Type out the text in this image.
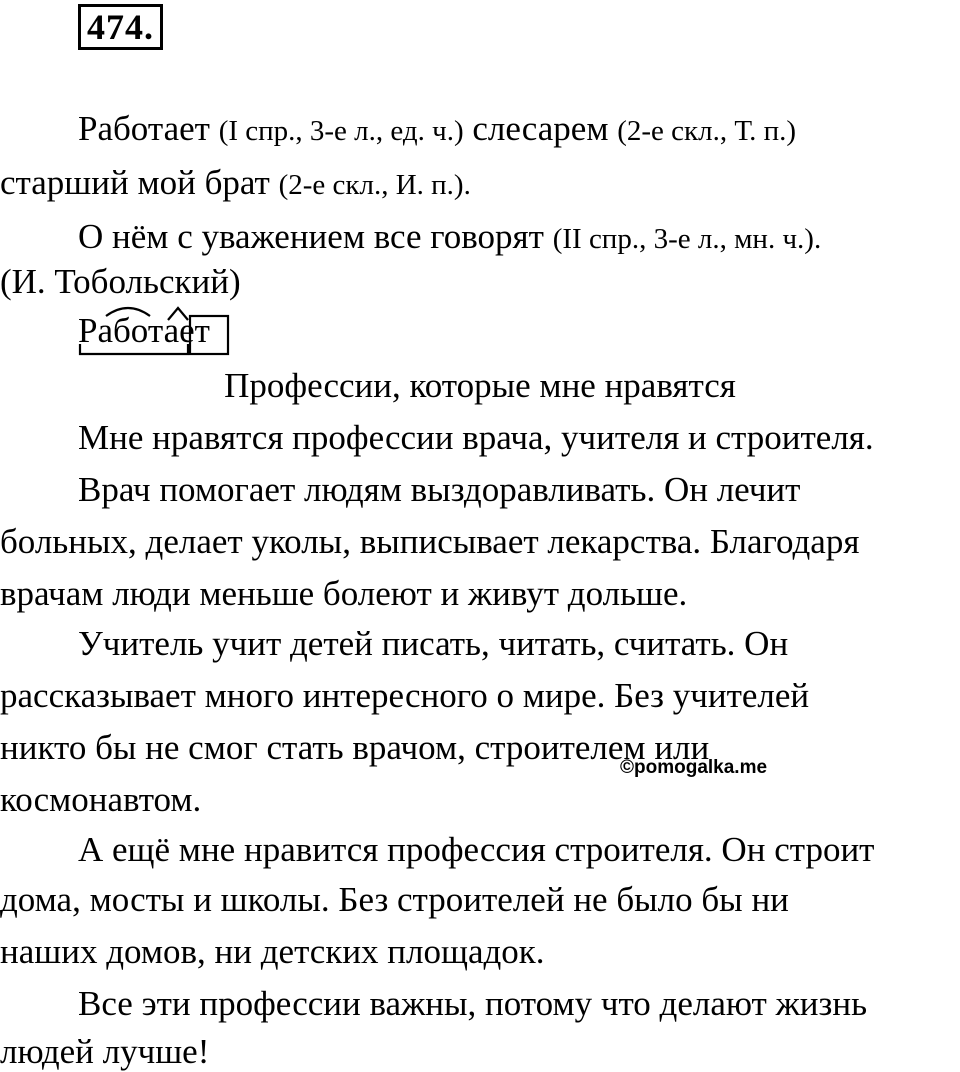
474.
Работает (I спр., 3-е л., ед. ч.) слесарем (2-е скл., Т. п.)
старший мой брат (2-е скл., И. п.).
О нём с уважением все говорят (II спр., 3-е л., мн. ч.).
(И. Тобольский)
Работает
Профессии, которые мне нравятся
Мне нравятся профессии врача, учителя и строителя.
Врач помогает людям выздоравливать. Он лечит
больных, делает уколы, выписывает лекарства. Благодаря
врачам люди меньше болеют и живут дольше.
Учитель учит детей писать, читать, считать. Он
рассказывает много интересного о мире. Без учителей
никто бы не смог стать врачом, строителем или
космонавтом.
©pomogalka.me
А ещё мне нравится профессия строителя. Он строит
дома, мосты и школы. Без строителей не было бы ни
наших домов, ни детских площадок.
Все эти профессии важны, потому что делают жизнь
людей лучше!
